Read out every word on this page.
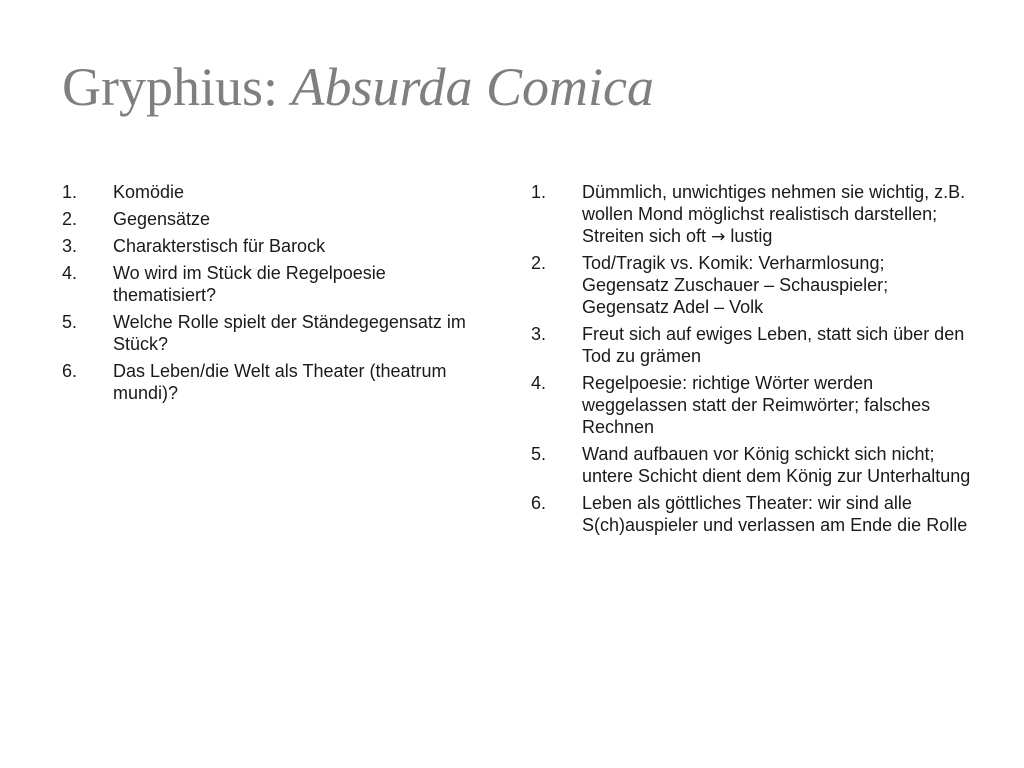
Gryphius: Absurda Comica
1.	Komödie
2.	Gegensätze
3.	Charakterstisch für Barock
4.	Wo wird im Stück die Regelpoesie thematisiert?
5.	Welche Rolle spielt der Ständegegensatz im Stück?
6.	Das Leben/die Welt als Theater (theatrum mundi)?
1.	Dümmlich, unwichtiges nehmen sie wichtig, z.B. wollen Mond möglichst realistisch darstellen; Streiten sich oft → lustig
2.	Tod/Tragik vs. Komik: Verharmlosung; Gegensatz Zuschauer – Schauspieler; Gegensatz Adel – Volk
3.	Freut sich auf ewiges Leben, statt sich über den Tod zu grämen
4.	Regelpoesie: richtige Wörter werden weggelassen statt der Reimwörter; falsches Rechnen
5.	Wand aufbauen vor König schickt sich nicht; untere Schicht dient dem König zur Unterhaltung
6.	Leben als göttliches Theater: wir sind alle S(ch)auspieler und verlassen am Ende die Rolle
